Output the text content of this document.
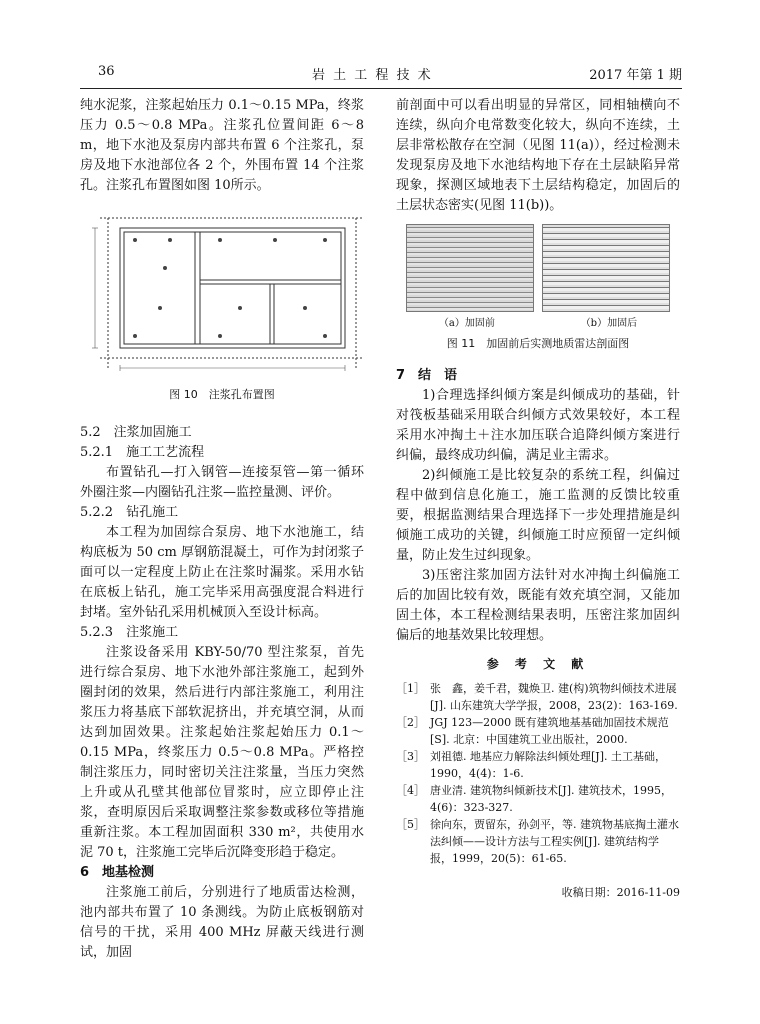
36	岩 土 工 程 技 术	2017 年第 1 期

纯水泥浆，注浆起始压力 0.1～0.15 MPa，终浆压力 0.5～0.8 MPa。注浆孔位置间距 6～8 m，地下水池及泵房内部共布置 6 个注浆孔，泵房及地下水池部位各 2 个，外围布置 14 个注浆孔。注浆孔布置图如图 10所示。

图 10　注浆孔布置图

5.2　注浆加固施工

5.2.1　施工工艺流程

布置钻孔—打入钢管—连接泵管—第一循环外圈注浆—内圈钻孔注浆—监控量测、评价。

5.2.2　钻孔施工

本工程为加固综合泵房、地下水池施工，结构底板为 50 cm 厚钢筋混凝土，可作为封闭浆子面可以一定程度上防止在注浆时漏浆。采用水钻在底板上钻孔，施工完毕采用高强度混合料进行封堵。室外钻孔采用机械顶入至设计标高。

5.2.3　注浆施工

注浆设备采用 KBY-50/70 型注浆泵，首先进行综合泵房、地下水池外部注浆施工，起到外圈封闭的效果，然后进行内部注浆施工，利用注浆压力将基底下部软泥挤出，并充填空洞，从而达到加固效果。注浆起始注浆起始压力 0.1～0.15 MPa，终浆压力 0.5～0.8 MPa。严格控制注浆压力，同时密切关注注浆量，当压力突然上升或从孔壁其他部位冒浆时，应立即停止注浆，查明原因后采取调整注浆参数或移位等措施重新注浆。本工程加固面积 330 m²，共使用水泥 70 t，注浆施工完毕后沉降变形趋于稳定。

6　地基检测

注浆施工前后，分别进行了地质雷达检测，池内部共布置了 10 条测线。为防止底板钢筋对信号的干扰，采用 400 MHz 屏蔽天线进行测试，加固

前剖面中可以看出明显的异常区，同相轴横向不连续，纵向介电常数变化较大，纵向不连续，土层非常松散存在空洞（见图 11(a)），经过检测未发现泵房及地下水池结构地下存在土层缺陷异常现象，探测区域地表下土层结构稳定，加固后的土层状态密实(见图 11(b))。

（a）加固前	（b）加固后
图 11　加固前后实测地质雷达剖面图

7　结　语

1)合理选择纠倾方案是纠倾成功的基础，针对筏板基础采用联合纠倾方式效果较好，本工程采用水冲掏土＋注水加压联合追降纠倾方案进行纠偏，最终成功纠偏，满足业主需求。

2)纠倾施工是比较复杂的系统工程，纠偏过程中做到信息化施工，施工监测的反馈比较重要，根据监测结果合理选择下一步处理措施是纠倾施工成功的关键，纠倾施工时应预留一定纠倾量，防止发生过纠现象。

3)压密注浆加固方法针对水冲掏土纠偏施工后的加固比较有效，既能有效充填空洞，又能加固土体，本工程检测结果表明，压密注浆加固纠偏后的地基效果比较理想。

参 考 文 献
［1］ 张　鑫，姜千君，魏焕卫. 建(构)筑物纠倾技术进展[J]. 山东建筑大学学报，2008，23(2)：163-169.
［2］ JGJ 123—2000 既有建筑地基基础加固技术规范[S]. 北京：中国建筑工业出版社，2000.
［3］ 刘祖德. 地基应力解除法纠倾处理[J]. 土工基础，1990，4(4)：1-6.
［4］ 唐业清. 建筑物纠倾新技术[J]. 建筑技术，1995，4(6)：323-327.
［5］ 徐向东，贾留东，孙剑平，等. 建筑物基底掏土灌水法纠倾——设计方法与工程实例[J]. 建筑结构学报，1999，20(5)：61-65.
收稿日期：2016-11-09
